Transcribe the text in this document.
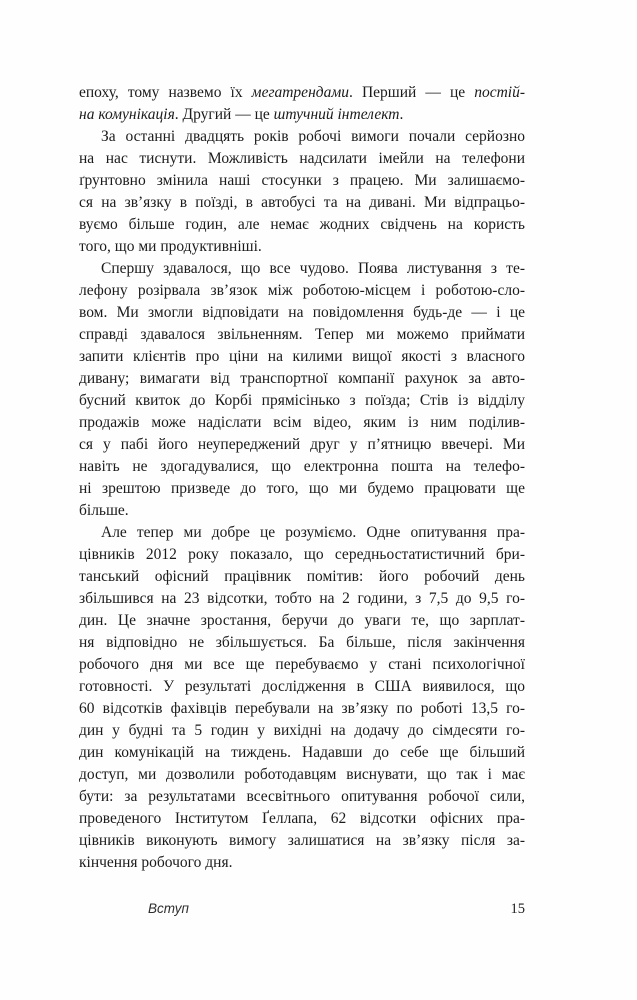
епоху, тому назвемо їх мегатрендами. Перший — це постій-
на комунікація. Другий — це штучний інтелект.
За останні двадцять років робочі вимоги почали серйозно
на нас тиснути. Можливість надсилати імейли на телефони
ґрунтовно змінила наші стосунки з працею. Ми залишаємо-
ся на зв’язку в поїзді, в автобусі та на дивані. Ми відпрацьо-
вуємо більше годин, але немає жодних свідчень на користь
того, що ми продуктивніші.
Спершу здавалося, що все чудово. Поява листування з те-
лефону розірвала зв’язок між роботою-місцем і роботою-сло-
вом. Ми змогли відповідати на повідомлення будь-де — і це
справді здавалося звільненням. Тепер ми можемо приймати
запити клієнтів про ціни на килими вищої якості з власного
дивану; вимагати від транспортної компанії рахунок за авто-
бусний квиток до Корбі прямісінько з поїзда; Стів із відділу
продажів може надіслати всім відео, яким із ним поділив-
ся у пабі його неупереджений друг у п’ятницю ввечері. Ми
навіть не здогадувалися, що електронна пошта на телефо-
ні зрештою призведе до того, що ми будемо працювати ще
більше.
Але тепер ми добре це розуміємо. Одне опитування пра-
цівників 2012 року показало, що середньостатистичний бри-
танський офісний працівник помітив: його робочий день
збільшився на 23 відсотки, тобто на 2 години, з 7,5 до 9,5 го-
дин. Це значне зростання, беручи до уваги те, що зарплат-
ня відповідно не збільшується. Ба більше, після закінчення
робочого дня ми все ще перебуваємо у стані психологічної
готовності. У результаті дослідження в США виявилося, що
60 відсотків фахівців перебували на зв’язку по роботі 13,5 го-
дин у будні та 5 годин у вихідні на додачу до сімдесяти го-
дин комунікацій на тиждень. Надавши до себе ще більший
доступ, ми дозволили роботодавцям виснувати, що так і має
бути: за результатами всесвітнього опитування робочої сили,
проведеного Інститутом Ґеллапа, 62 відсотки офісних пра-
цівників виконують вимогу залишатися на зв’язку після за-
кінчення робочого дня.
Вступ	15
